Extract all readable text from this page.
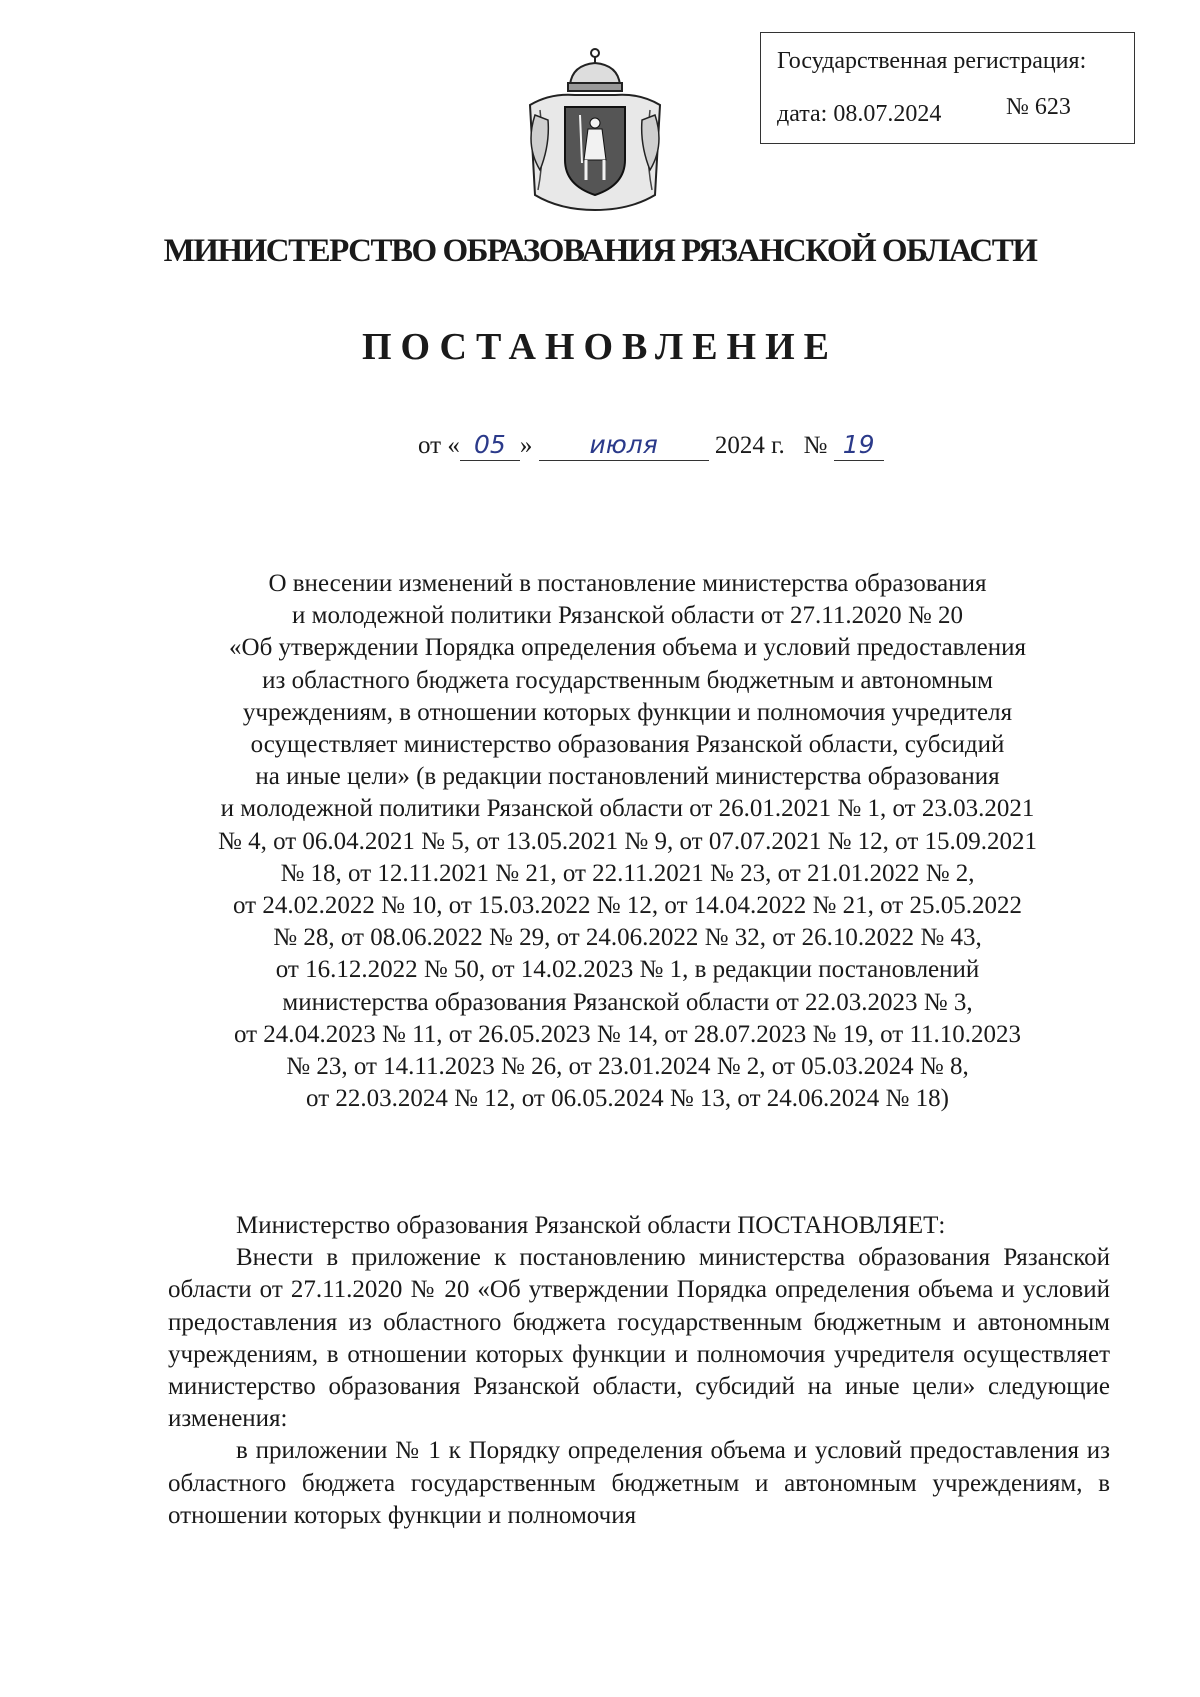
Государственная регистрация:
дата: 08.07.2024	№ 623
МИНИСТЕРСТВО ОБРАЗОВАНИЯ РЯЗАНСКОЙ ОБЛАСТИ
ПОСТАНОВЛЕНИЕ
от « 05 » июля 2024 г. № 19
О внесении изменений в постановление министерства образования
и молодежной политики Рязанской области от 27.11.2020 № 20
«Об утверждении Порядка определения объема и условий предоставления
из областного бюджета государственным бюджетным и автономным
учреждениям, в отношении которых функции и полномочия учредителя
осуществляет министерство образования Рязанской области, субсидий
на иные цели» (в редакции постановлений министерства образования
и молодежной политики Рязанской области от 26.01.2021 № 1, от 23.03.2021
№ 4, от 06.04.2021 № 5, от 13.05.2021 № 9, от 07.07.2021 № 12, от 15.09.2021
№ 18, от 12.11.2021 № 21, от 22.11.2021 № 23, от 21.01.2022 № 2,
от 24.02.2022 № 10, от 15.03.2022 № 12, от 14.04.2022 № 21, от 25.05.2022
№ 28, от 08.06.2022 № 29, от 24.06.2022 № 32, от 26.10.2022 № 43,
от 16.12.2022 № 50, от 14.02.2023 № 1, в редакции постановлений
министерства образования Рязанской области от 22.03.2023 № 3,
от 24.04.2023 № 11, от 26.05.2023 № 14, от 28.07.2023 № 19, от 11.10.2023
№ 23, от 14.11.2023 № 26, от 23.01.2024 № 2, от 05.03.2024 № 8,
от 22.03.2024 № 12, от 06.05.2024 № 13, от 24.06.2024 № 18)
Министерство образования Рязанской области ПОСТАНОВЛЯЕТ:

Внести в приложение к постановлению министерства образования Рязанской области от 27.11.2020 № 20 «Об утверждении Порядка определения объема и условий предоставления из областного бюджета государственным бюджетным и автономным учреждениям, в отношении которых функции и полномочия учредителя осуществляет министерство образования Рязанской области, субсидий на иные цели» следующие изменения:

в приложении № 1 к Порядку определения объема и условий предоставления из областного бюджета государственным бюджетным и автономным учреждениям, в отношении которых функции и полномочия
